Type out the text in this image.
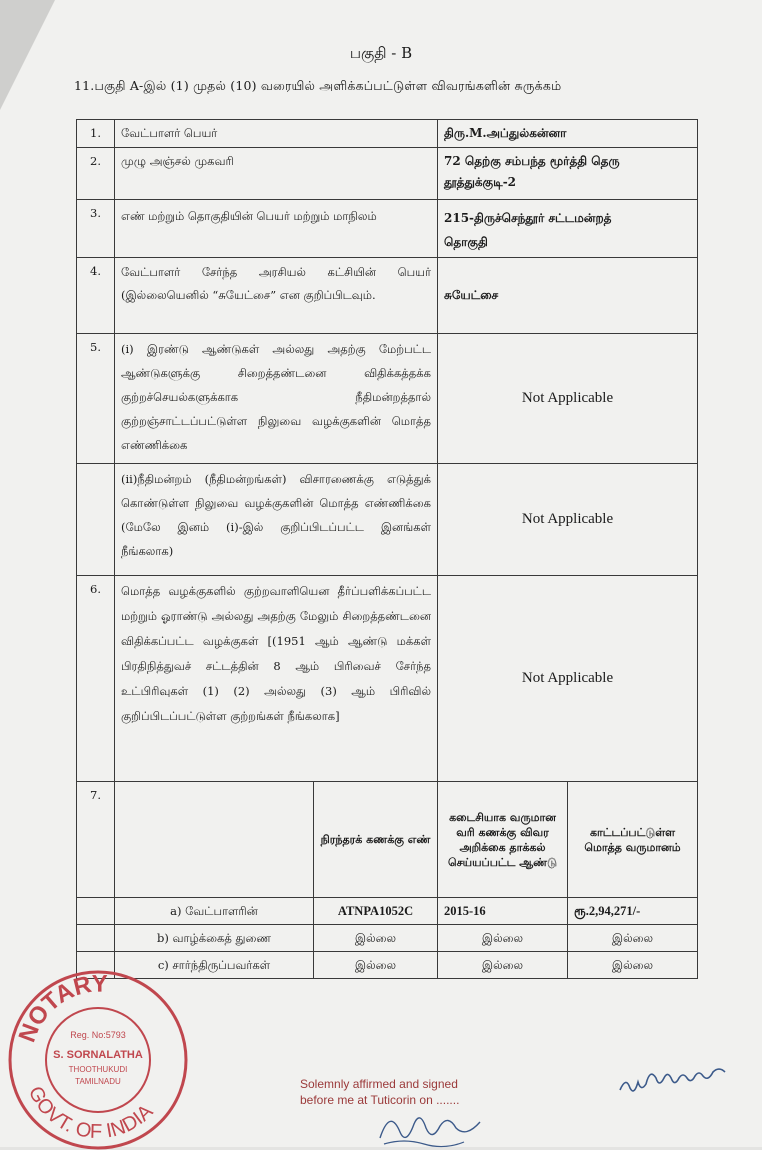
பகுதி - B
11.பகுதி A-இல் (1) முதல் (10) வரையில் அளிக்கப்பட்டுள்ள விவரங்களின் சுருக்கம்
1.	வேட்பாளர் பெயர்		திரு.M.அப்துல்கன்னா	
2.	முழு அஞ்சல் முகவரி		72 தெற்கு சம்பந்த மூர்த்தி தெரு
தூத்துக்குடி-2	

3.	எண் மற்றும் தொகுதியின் பெயர் மற்றும் மாநிலம்		215-திருச்செந்தூர் சட்டமன்றத்
தொகுதி	

4.	வேட்பாளர் சேர்ந்த அரசியல் கட்சியின் பெயர் (இல்லையெனில் “சுயேட்சை” என குறிப்பிடவும்.		சுயேட்சை	
5.	(i) இரண்டு ஆண்டுகள் அல்லது அதற்கு மேற்பட்ட ஆண்டுகளுக்கு சிறைத்தண்டனை விதிக்கத்தக்க குற்றச்செயல்களுக்காக நீதிமன்றத்தால் குற்றஞ்சாட்டப்பட்டுள்ள நிலுவை வழக்குகளின் மொத்த எண்ணிக்கை		Not Applicable	
	(ii)நீதிமன்றம் (நீதிமன்றங்கள்) விசாரணைக்கு எடுத்துக் கொண்டுள்ள நிலுவை வழக்குகளின் மொத்த எண்ணிக்கை (மேலே இனம் (i)-இல் குறிப்பிடப்பட்ட இனங்கள் நீங்கலாக)		Not Applicable	
6.	மொத்த வழக்குகளில் குற்றவாளியென தீர்ப்பளிக்கப்பட்ட மற்றும் ஓராண்டு அல்லது அதற்கு மேலும் சிறைத்தண்டனை விதிக்கப்பட்ட வழக்குகள் [(1951 ஆம் ஆண்டு மக்கள் பிரதிநித்துவச் சட்டத்தின் 8 ஆம் பிரிவைச் சேர்ந்த உட்பிரிவுகள் (1) (2) அல்லது (3) ஆம் பிரிவில் குறிப்பிடப்பட்டுள்ள குற்றங்கள் நீங்கலாக]		Not Applicable	
7.		நிரந்தரக் கணக்கு எண்	கடைசியாக வருமான வரி கணக்கு விவர அறிக்கை தாக்கல் செய்யப்பட்ட ஆண்டு	காட்டப்பட்டுள்ள மொத்த வருமானம்
	a) வேட்பாளரின்	ATNPA1052C	2015-16	ரூ.2,94,271/-
	b) வாழ்க்கைத் துணை	இல்லை	இல்லை	இல்லை
	c) சார்ந்திருப்பவர்கள்	இல்லை	இல்லை	இல்லை
NOTARY
GOVT. OF INDIA
Reg. No:5793
S. SORNALATHA
THOOTHUKUDI
TAMILNADU	Solemnly affirmed and signed
before me at Tuticorin on .......
